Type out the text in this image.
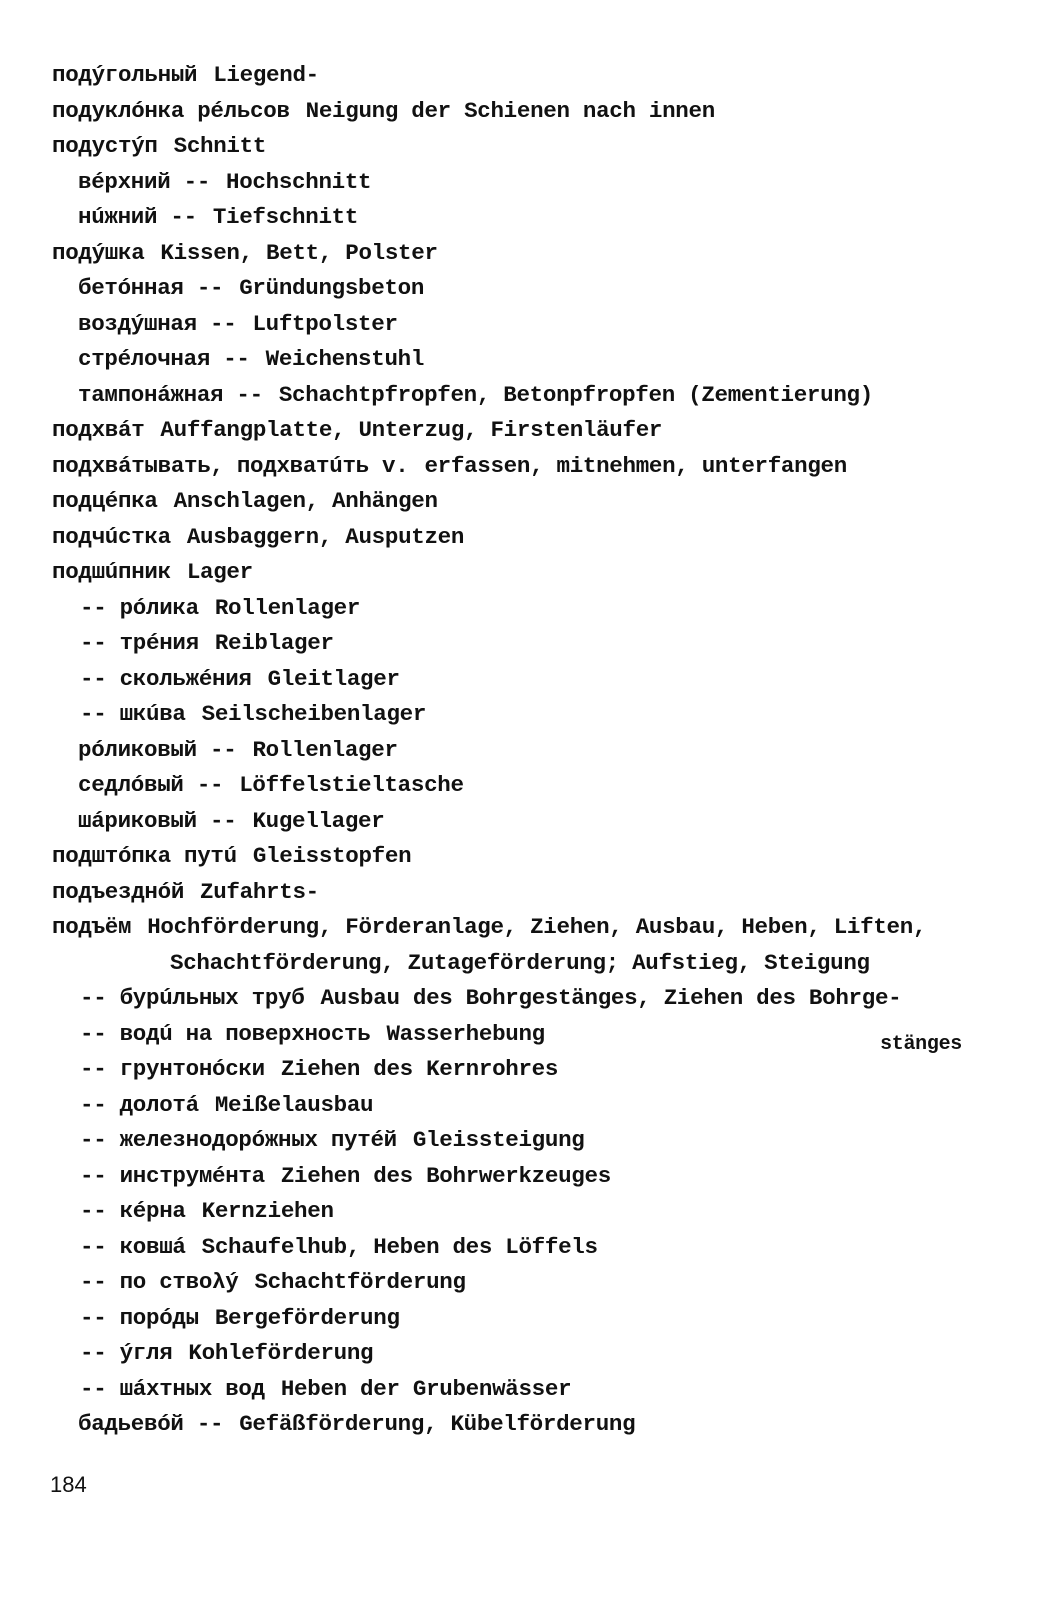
подýгольный Liegend-
подуклóнка рéльсов Neigung der Schienen nach innen
подустýп Schnitt
вéрхний -- Hochschnitt
нúжний -- Tiefschnitt
подýшка Kissen, Bett, Polster
бетóнная -- Gründungsbeton
воздýшная -- Luftpolster
стрéлочная -- Weichenstuhl
тампонáжная -- Schachtpfropfen, Betonpfropfen (Zementierung)
подхвáт Auffangplatte, Unterzug, Firstenläufer
подхвáтывать, подхватúть v. erfassen, mitnehmen, unterfangen
подцéпка Anschlagen, Anhängen
подчúстка Ausbaggern, Ausputzen
подшúпник Lager
-- рóлика Rollenlager
-- трéния Reiblager
-- скольжéния Gleitlager
-- шкúва Seilscheibenlager
рóликовый -- Rollenlager
седлóвый -- Löffelstieltasche
шáриковый -- Kugellager
подштóпка путú Gleisstopfen
подъезднóй Zufahrts-
подъём Hochförderung, Förderanlage, Ziehen, Ausbau, Heben, Liften,
Schachtförderung, Zutageförderung; Aufstieg, Steigung
-- бурúльных труб Ausbau des Bohrgestänges, Ziehen des Bohrge-
-- водú на поверхность Wasserhebung	stänges
-- грунтонóски Ziehen des Kernrohres
-- долотá Meißelausbau
-- железнодорóжных путéй Gleissteigung
-- инструмéнта Ziehen des Bohrwerkzeuges
-- кéрна Kernziehen
-- ковшá Schaufelhub, Heben des Löffels
-- по ствολý Schachtförderung
-- порóды Bergeförderung
-- ýгля Kohleförderung
-- шáхтных вод Heben der Grubenwässer
бадьевóй -- Gefäßförderung, Kübelförderung
184
